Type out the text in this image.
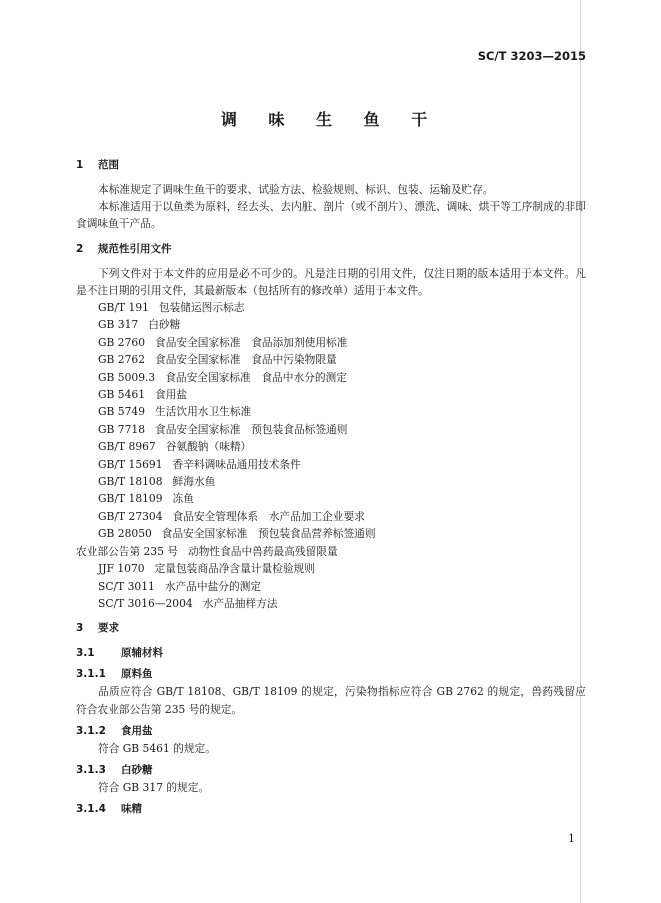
SC/T 3203—2015
调 味 生 鱼 干
1 范围

本标准规定了调味生鱼干的要求、试验方法、检验规则、标识、包装、运输及贮存。

本标准适用于以鱼类为原料，经去头、去内脏、剖片（或不剖片）、漂洗、调味、烘干等工序制成的非即食调味鱼干产品。

2 规范性引用文件

下列文件对于本文件的应用是必不可少的。凡是注日期的引用文件，仅注日期的版本适用于本文件。凡是不注日期的引用文件，其最新版本（包括所有的修改单）适用于本文件。

GB/T 191 包装储运图示标志
GB 317 白砂糖
GB 2760 食品安全国家标准　食品添加剂使用标准
GB 2762 食品安全国家标准　食品中污染物限量
GB 5009.3 食品安全国家标准　食品中水分的测定
GB 5461 食用盐
GB 5749 生活饮用水卫生标准
GB 7718 食品安全国家标准　预包装食品标签通则
GB/T 8967 谷氨酸钠（味精）
GB/T 15691 香辛料调味品通用技术条件
GB/T 18108 鲜海水鱼
GB/T 18109 冻鱼
GB/T 27304 食品安全管理体系　水产品加工企业要求
GB 28050 食品安全国家标准　预包装食品营养标签通则
农业部公告第 235 号 动物性食品中兽药最高残留限量
JJF 1070 定量包装商品净含量计量检验规则
SC/T 3011 水产品中盐分的测定
SC/T 3016—2004 水产品抽样方法
3 要求
3.1	原辅材料
3.1.1 原料鱼

品质应符合 GB/T 18108、GB/T 18109 的规定，污染物指标应符合 GB 2762 的规定，兽药残留应符合农业部公告第 235 号的规定。

3.1.2 食用盐

符合 GB 5461 的规定。

3.1.3 白砂糖

符合 GB 317 的规定。

3.1.4 味精
1
